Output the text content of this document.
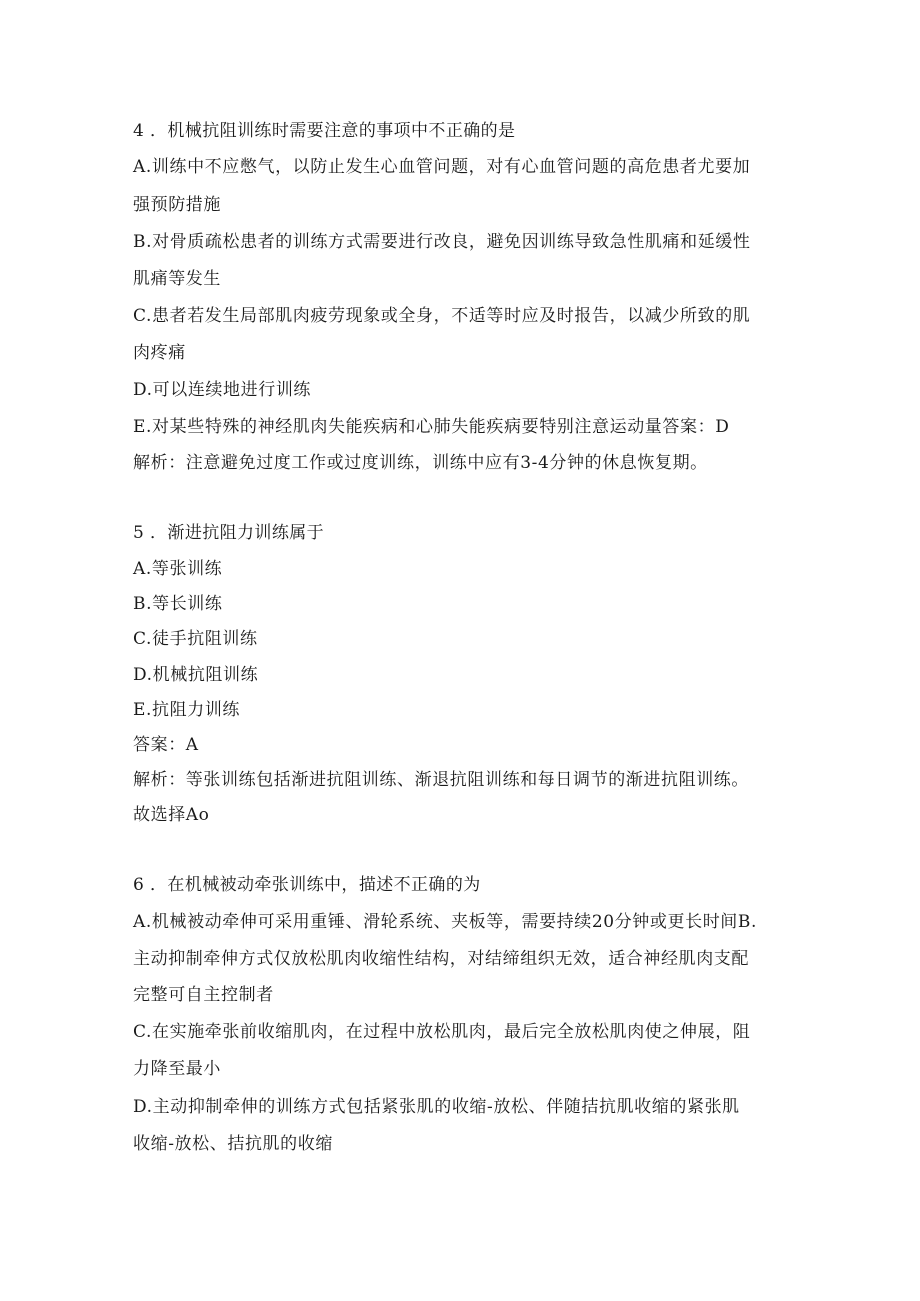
4 ．机械抗阻训练时需要注意的事项中不正确的是
A.训练中不应憋气，以防止发生心血管问题，对有心血管问题的高危患者尤要加
强预防措施
B.对骨质疏松患者的训练方式需要进行改良，避免因训练导致急性肌痛和延缓性
肌痛等发生
C.患者若发生局部肌肉疲劳现象或全身，不适等时应及时报告，以减少所致的肌
肉疼痛
D.可以连续地进行训练
E.对某些特殊的神经肌肉失能疾病和心肺失能疾病要特别注意运动量答案：D
解析：注意避免过度工作或过度训练，训练中应有3-4分钟的休息恢复期。
5 ．渐进抗阻力训练属于
A.等张训练
B.等长训练
C.徒手抗阻训练
D.机械抗阻训练
E.抗阻力训练
答案：A
解析：等张训练包括渐进抗阻训练、渐退抗阻训练和每日调节的渐进抗阻训练。
故选择Ao
6 ．在机械被动牵张训练中，描述不正确的为
A.机械被动牵伸可采用重锤、滑轮系统、夹板等，需要持续20分钟或更长时间B.
主动抑制牵伸方式仅放松肌肉收缩性结构，对结缔组织无效，适合神经肌肉支配
完整可自主控制者
C.在实施牵张前收缩肌肉，在过程中放松肌肉，最后完全放松肌肉使之伸展，阻
力降至最小
D.主动抑制牵伸的训练方式包括紧张肌的收缩-放松、伴随拮抗肌收缩的紧张肌
收缩-放松、拮抗肌的收缩
